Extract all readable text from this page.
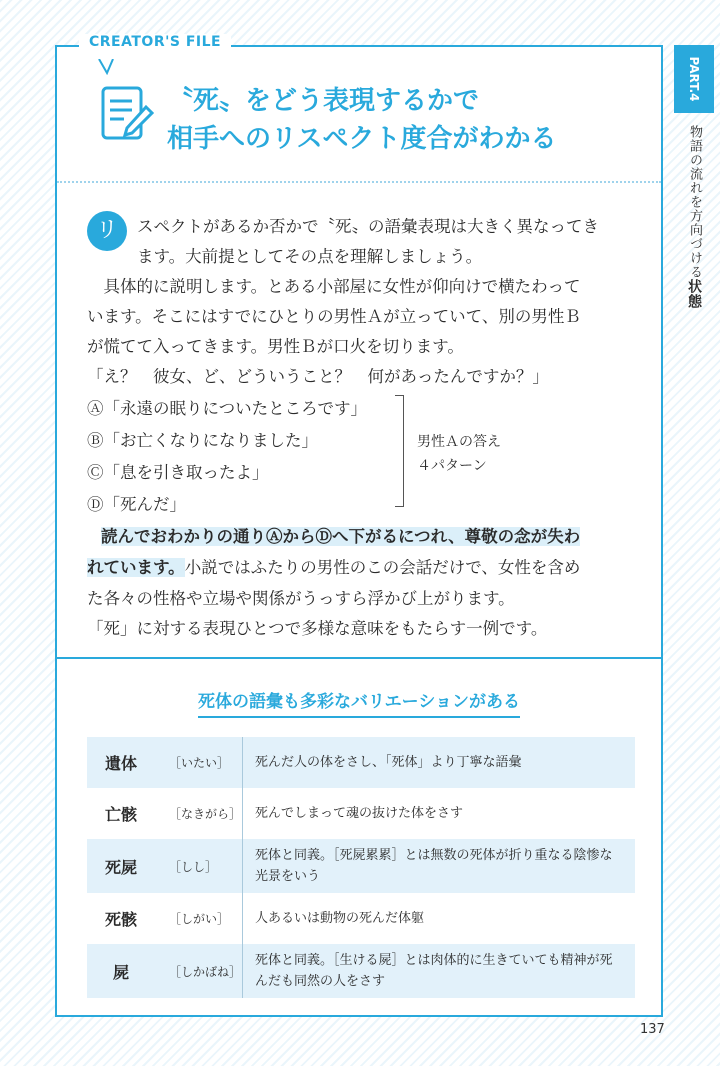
CREATOR'S FILE
〝死〟をどう表現するかで
相手へのリスペクト度合がわかる
リ	スペクトがあるか否かで〝死〟の語彙表現は大きく異なってき
ます。大前提としてその点を理解しましょう。
　具体的に説明します。とある小部屋に女性が仰向けで横たわって
います。そこにはすでにひとりの男性Ａが立っていて、別の男性Ｂ
が慌てて入ってきます。男性Ｂが口火を切ります。
「え？　彼女、ど、どういうこと？　何があったんですか？」
Ⓐ「永遠の眠りについたところです」
Ⓑ「お亡くなりになりました」
Ⓒ「息を引き取ったよ」
Ⓓ「死んだ」
男性Ａの答え
４パターン
読んでおわかりの通りⒶからⒹへ下がるにつれ、尊敬の念が失わ
れています。小説ではふたりの男性のこの会話だけで、女性を含め
た各々の性格や立場や関係がうっすら浮かび上がります。
「死」に対する表現ひとつで多様な意味をもたらす一例です。
死体の語彙も多彩なバリエーションがある
遺体	［いたい］	死んだ人の体をさし、「死体」より丁寧な語彙
亡骸	［なきがら］	死んでしまって魂の抜けた体をさす
死屍	［しし］	死体と同義。［死屍累累］とは無数の死体が折り重なる陰惨な光景をいう
死骸	［しがい］	人あるいは動物の死んだ体躯
屍	［しかばね］	死体と同義。［生ける屍］とは肉体的に生きていても精神が死んだも同然の人をさす
PART.4
物語の流れを方向づける状態
137
